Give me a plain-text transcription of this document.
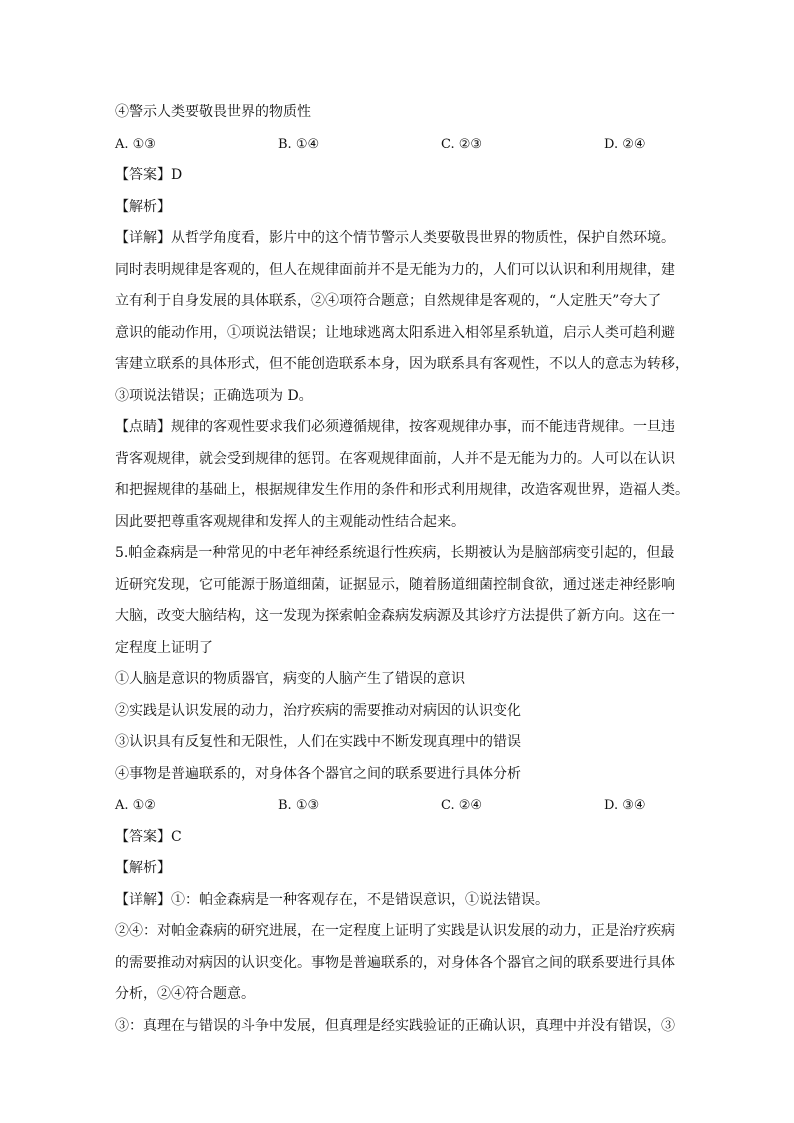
④警示人类要敬畏世界的物质性
A. ①③	B. ①④	C. ②③	D. ②④
【答案】D
【解析】
【详解】从哲学角度看，影片中的这个情节警示人类要敬畏世界的物质性，保护自然环境。
同时表明规律是客观的，但人在规律面前并不是无能为力的，人们可以认识和利用规律，建
立有利于自身发展的具体联系，②④项符合题意；自然规律是客观的，“人定胜天”夸大了
意识的能动作用，①项说法错误；让地球逃离太阳系进入相邻星系轨道，启示人类可趋利避
害建立联系的具体形式，但不能创造联系本身，因为联系具有客观性，不以人的意志为转移，
③项说法错误；正确选项为 D。
【点睛】规律的客观性要求我们必须遵循规律，按客观规律办事，而不能违背规律。一旦违
背客观规律，就会受到规律的惩罚。在客观规律面前，人并不是无能为力的。人可以在认识
和把握规律的基础上，根据规律发生作用的条件和形式利用规律，改造客观世界，造福人类。
因此要把尊重客观规律和发挥人的主观能动性结合起来。
5.帕金森病是一种常见的中老年神经系统退行性疾病，长期被认为是脑部病变引起的，但最
近研究发现，它可能源于肠道细菌，证据显示，随着肠道细菌控制食欲，通过迷走神经影响
大脑，改变大脑结构，这一发现为探索帕金森病发病源及其诊疗方法提供了新方向。这在一
定程度上证明了
①人脑是意识的物质器官，病变的人脑产生了错误的意识
②实践是认识发展的动力，治疗疾病的需要推动对病因的认识变化
③认识具有反复性和无限性，人们在实践中不断发现真理中的错误
④事物是普遍联系的，对身体各个器官之间的联系要进行具体分析
A. ①②	B. ①③	C. ②④	D. ③④
【答案】C
【解析】
【详解】①：帕金森病是一种客观存在，不是错误意识，①说法错误。
②④：对帕金森病的研究进展，在一定程度上证明了实践是认识发展的动力，正是治疗疾病
的需要推动对病因的认识变化。事物是普遍联系的，对身体各个器官之间的联系要进行具体
分析，②④符合题意。
③：真理在与错误的斗争中发展，但真理是经实践验证的正确认识，真理中并没有错误，③
